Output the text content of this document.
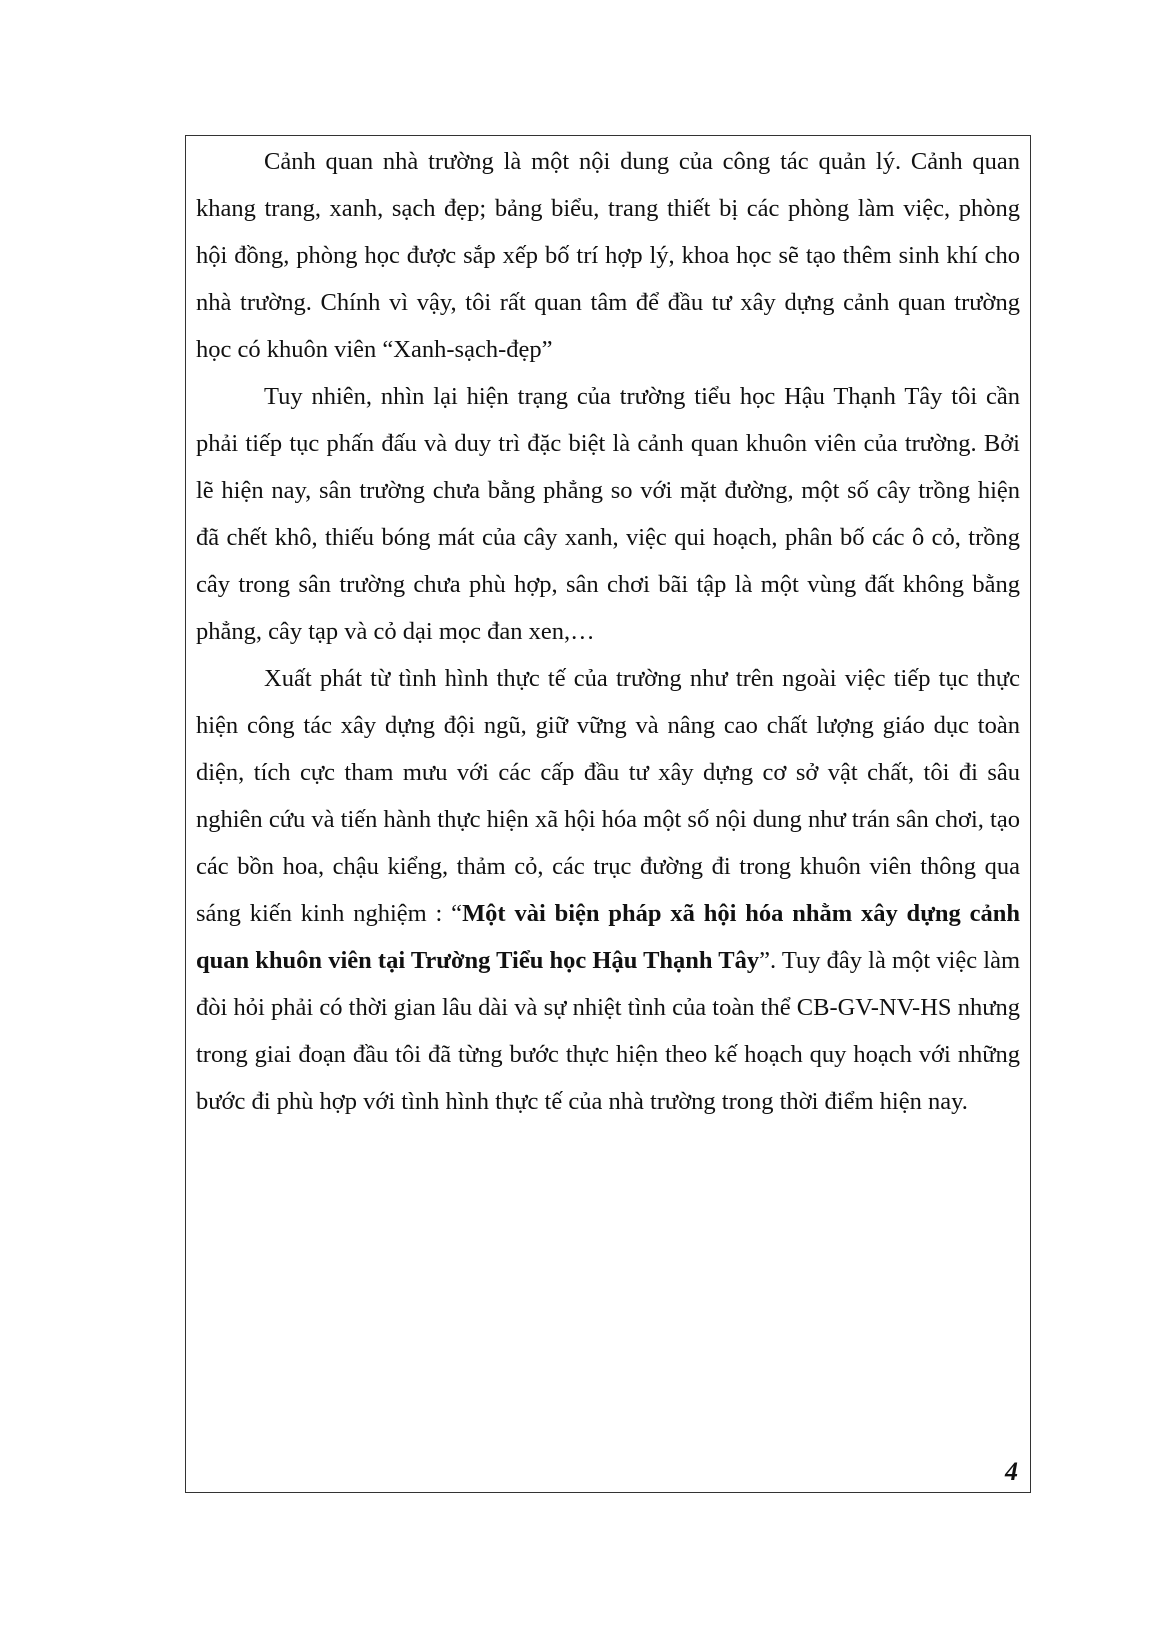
Cảnh quan nhà trường là một nội dung của công tác quản lý. Cảnh quan khang trang, xanh, sạch đẹp; bảng biểu, trang thiết bị các phòng làm việc, phòng hội đồng, phòng học được sắp xếp bố trí hợp lý, khoa học sẽ tạo thêm sinh khí cho nhà trường. Chính vì vậy, tôi rất quan tâm để đầu tư xây dựng cảnh quan trường học có khuôn viên “Xanh-sạch-đẹp”

Tuy nhiên, nhìn lại hiện trạng của trường tiểu học Hậu Thạnh Tây tôi cần phải tiếp tục phấn đấu và duy trì đặc biệt là cảnh quan khuôn viên của trường. Bởi lẽ hiện nay, sân trường chưa bằng phẳng so với mặt đường, một số cây trồng hiện đã chết khô, thiếu bóng mát của cây xanh, việc qui hoạch, phân bố các ô cỏ, trồng cây trong sân trường chưa phù hợp, sân chơi bãi tập là một vùng đất không bằng phẳng, cây tạp và cỏ dại mọc đan xen,…

Xuất phát từ tình hình thực tế của trường như trên ngoài việc tiếp tục thực hiện công tác xây dựng đội ngũ, giữ vững và nâng cao chất lượng giáo dục toàn diện, tích cực tham mưu với các cấp đầu tư xây dựng cơ sở vật chất, tôi đi sâu nghiên cứu và tiến hành thực hiện xã hội hóa một số nội dung như trán sân chơi, tạo các bồn hoa, chậu kiểng, thảm cỏ, các trục đường đi trong khuôn viên thông qua sáng kiến kinh nghiệm : “Một vài biện pháp xã hội hóa nhằm xây dựng cảnh quan khuôn viên tại Trường Tiểu học Hậu Thạnh Tây”. Tuy đây là một việc làm đòi hỏi phải có thời gian lâu dài và sự nhiệt tình của toàn thể CB-GV-NV-HS nhưng trong giai đoạn đầu tôi đã từng bước thực hiện theo kế hoạch quy hoạch với những bước đi phù hợp với tình hình thực tế của nhà trường trong thời điểm hiện nay.

4
